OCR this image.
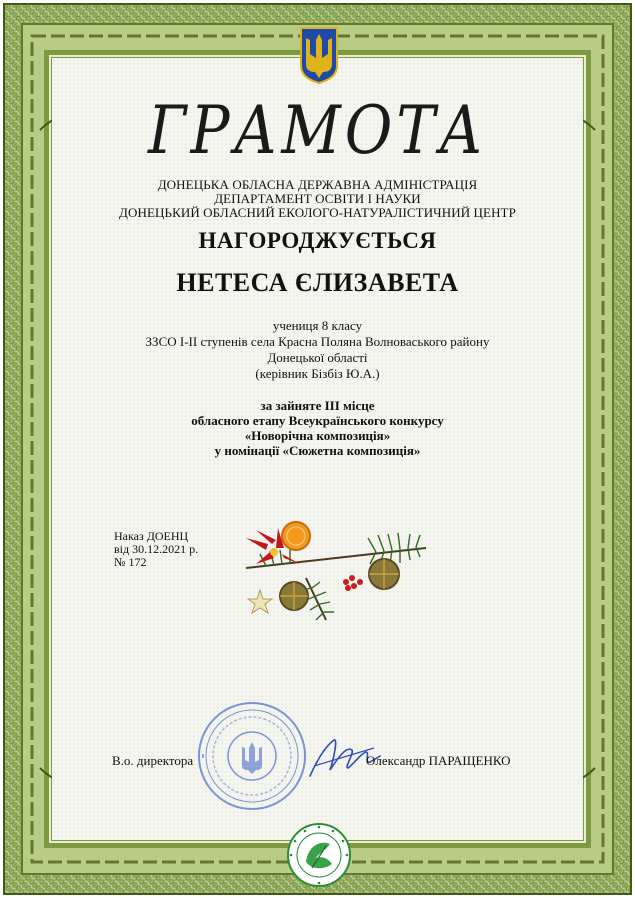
ГРАМОТА
ДОНЕЦЬКА ОБЛАСНА ДЕРЖАВНА АДМІНІСТРАЦІЯ
ДЕПАРТАМЕНТ ОСВІТИ І НАУКИ
ДОНЕЦЬКИЙ ОБЛАСНИЙ ЕКОЛОГО-НАТУРАЛІСТИЧНИЙ ЦЕНТР
НАГОРОДЖУЄТЬСЯ
НЕТЕСА ЄЛИЗАВЕТА
учениця 8 класу
ЗЗСО І-ІІ ступенів села Красна Поляна Волноваського району
Донецької області
(керівник Бізбіз Ю.А.)
за зайняте ІІІ місце
обласного етапу Всеукраїнського конкурсу
«Новорічна композиція»
у номінації «Сюжетна композиція»
Наказ ДОЕНЦ
від 30.12.2021 р.
№ 172
В.о. директора	Олександр ПАРАЩЕНКО
